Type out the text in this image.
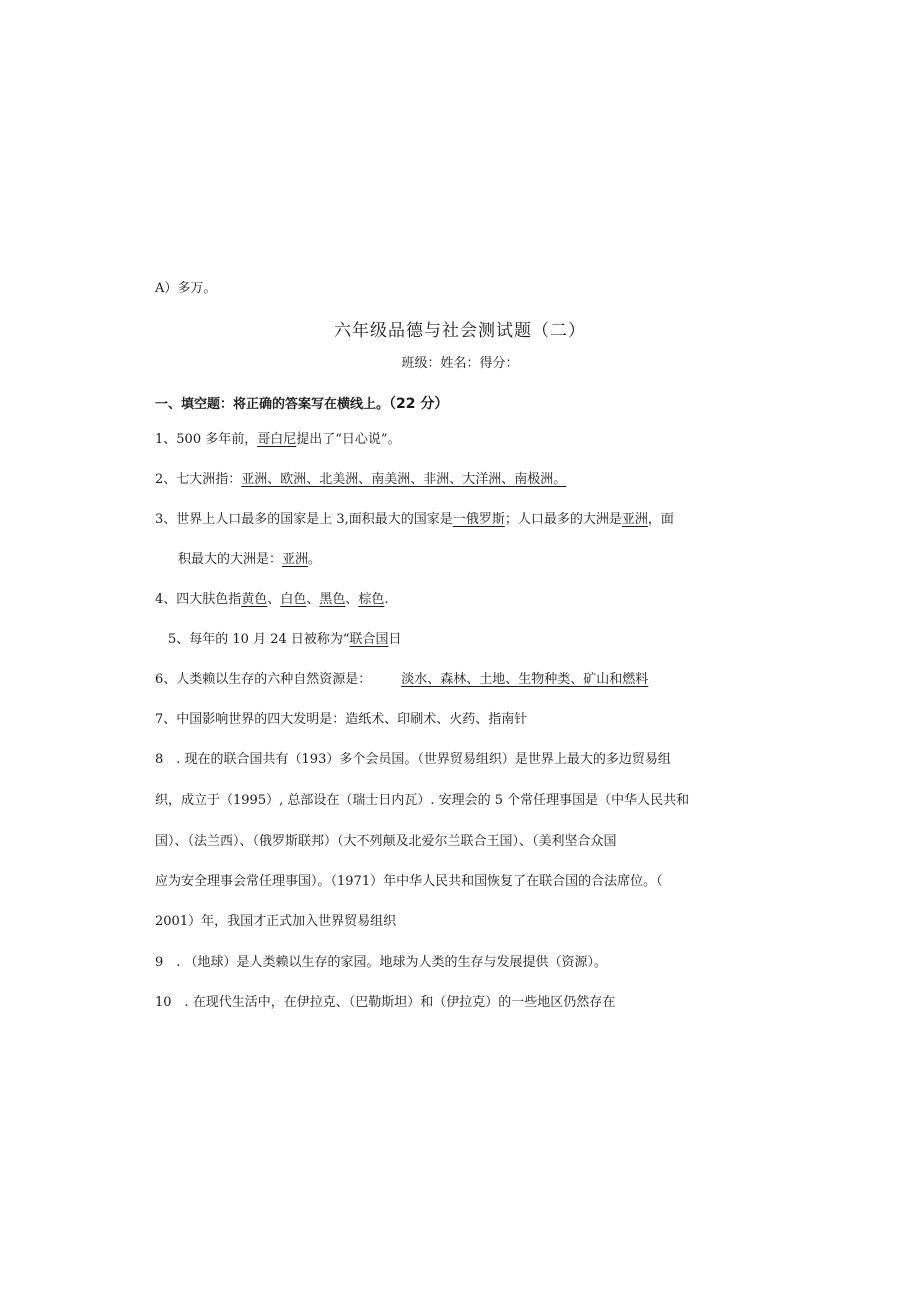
A）多万。
六年级品德与社会测试题（二）
班级：姓名：得分：
一、填空题：将正确的答案写在横线上。（22 分）
1、500 多年前，哥白尼提出了“日心说”。
2、七大洲指：亚洲、欧洲、北美洲、南美洲、非洲、大洋洲、南极洲。
3、世界上人口最多的国家是上 3,面积最大的国家是一俄罗斯；人口最多的大洲是亚洲，面
积最大的大洲是：亚洲。
4、四大肤色指黄色、白色、黑色、棕色.
5、每年的 10 月 24 日被称为“联合国日
6、人类赖以生存的六种自然资源是： 淡水、森林、土地、生物种类、矿山和燃料
7、中国影响世界的四大发明是：造纸术、印刷术、火药、指南针
8　. 现在的联合国共有（193）多个会员国。（世界贸易组织）是世界上最大的多边贸易组
织，成立于（1995）, 总部设在（瑞士日内瓦）. 安理会的 5 个常任理事国是（中华人民共和
国）、（法兰西）、（俄罗斯联邦）（大不列颠及北爱尔兰联合王国）、（美利坚合众国
应为安全理事会常任理事国）。（1971）年中华人民共和国恢复了在联合国的合法席位。（
2001）年，我国才正式加入世界贸易组织
9　. （地球）是人类赖以生存的家园。地球为人类的生存与发展提供（资源）。
10　. 在现代生活中，在伊拉克、（巴勒斯坦）和（伊拉克）的一些地区仍然存在
